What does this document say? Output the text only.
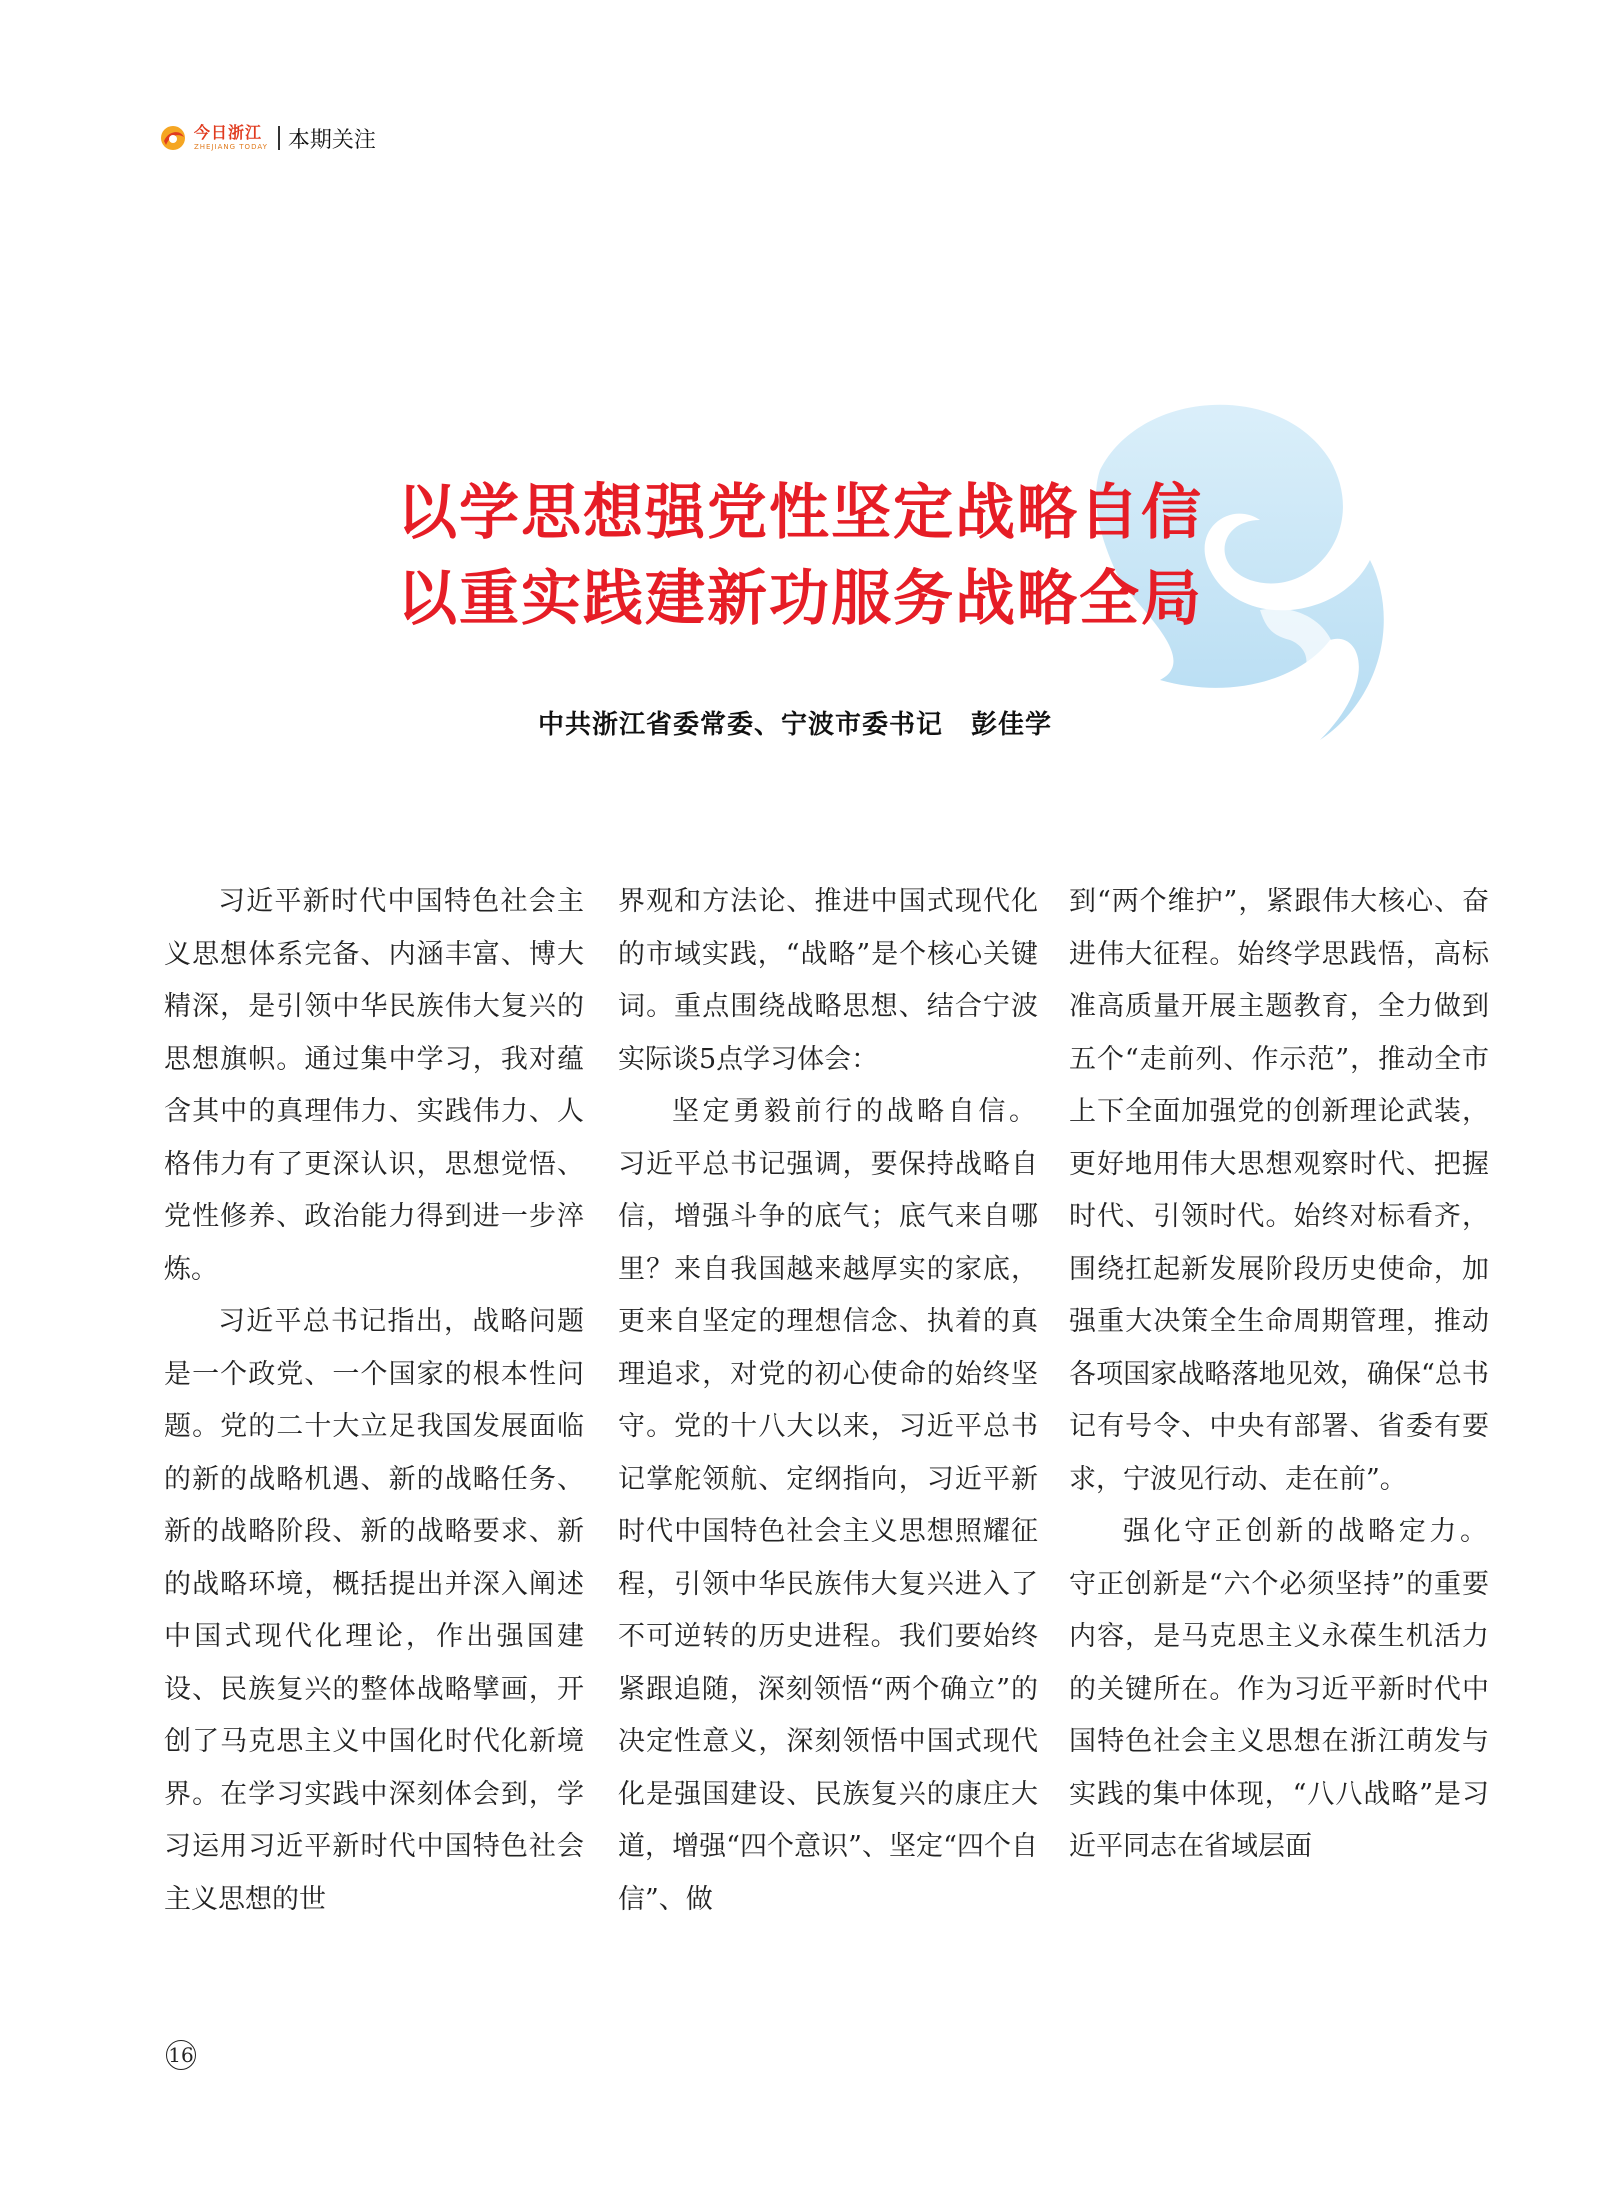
今日浙江
ZHEJIANG TODAY 本期关注
以学思想强党性坚定战略自信
以重实践建新功服务战略全局
中共浙江省委常委、宁波市委书记 彭佳学

习近平新时代中国特色社会主义思想体系完备、内涵丰富、博大精深，是引领中华民族伟大复兴的思想旗帜。通过集中学习，我对蕴含其中的真理伟力、实践伟力、人格伟力有了更深认识，思想觉悟、党性修养、政治能力得到进一步淬炼。

习近平总书记指出，战略问题是一个政党、一个国家的根本性问题。党的二十大立足我国发展面临的新的战略机遇、新的战略任务、新的战略阶段、新的战略要求、新的战略环境，概括提出并深入阐述中国式现代化理论，作出强国建设、民族复兴的整体战略擘画，开创了马克思主义中国化时代化新境界。在学习实践中深刻体会到，学习运用习近平新时代中国特色社会主义思想的世

界观和方法论、推进中国式现代化的市域实践，“战略”是个核心关键词。重点围绕战略思想、结合宁波实际谈5点学习体会：

坚定勇毅前行的战略自信。习近平总书记强调，要保持战略自信，增强斗争的底气；底气来自哪里？来自我国越来越厚实的家底，更来自坚定的理想信念、执着的真理追求，对党的初心使命的始终坚守。党的十八大以来，习近平总书记掌舵领航、定纲指向，习近平新时代中国特色社会主义思想照耀征程，引领中华民族伟大复兴进入了不可逆转的历史进程。我们要始终紧跟追随，深刻领悟“两个确立”的决定性意义，深刻领悟中国式现代化是强国建设、民族复兴的康庄大道，增强“四个意识”、坚定“四个自信”、做

到“两个维护”，紧跟伟大核心、奋进伟大征程。始终学思践悟，高标准高质量开展主题教育，全力做到五个“走前列、作示范”，推动全市上下全面加强党的创新理论武装，更好地用伟大思想观察时代、把握时代、引领时代。始终对标看齐，围绕扛起新发展阶段历史使命，加强重大决策全生命周期管理，推动各项国家战略落地见效，确保“总书记有号令、中央有部署、省委有要求，宁波见行动、走在前”。

强化守正创新的战略定力。守正创新是“六个必须坚持”的重要内容，是马克思主义永葆生机活力的关键所在。作为习近平新时代中国特色社会主义思想在浙江萌发与实践的集中体现，“八八战略”是习近平同志在省域层面

16
